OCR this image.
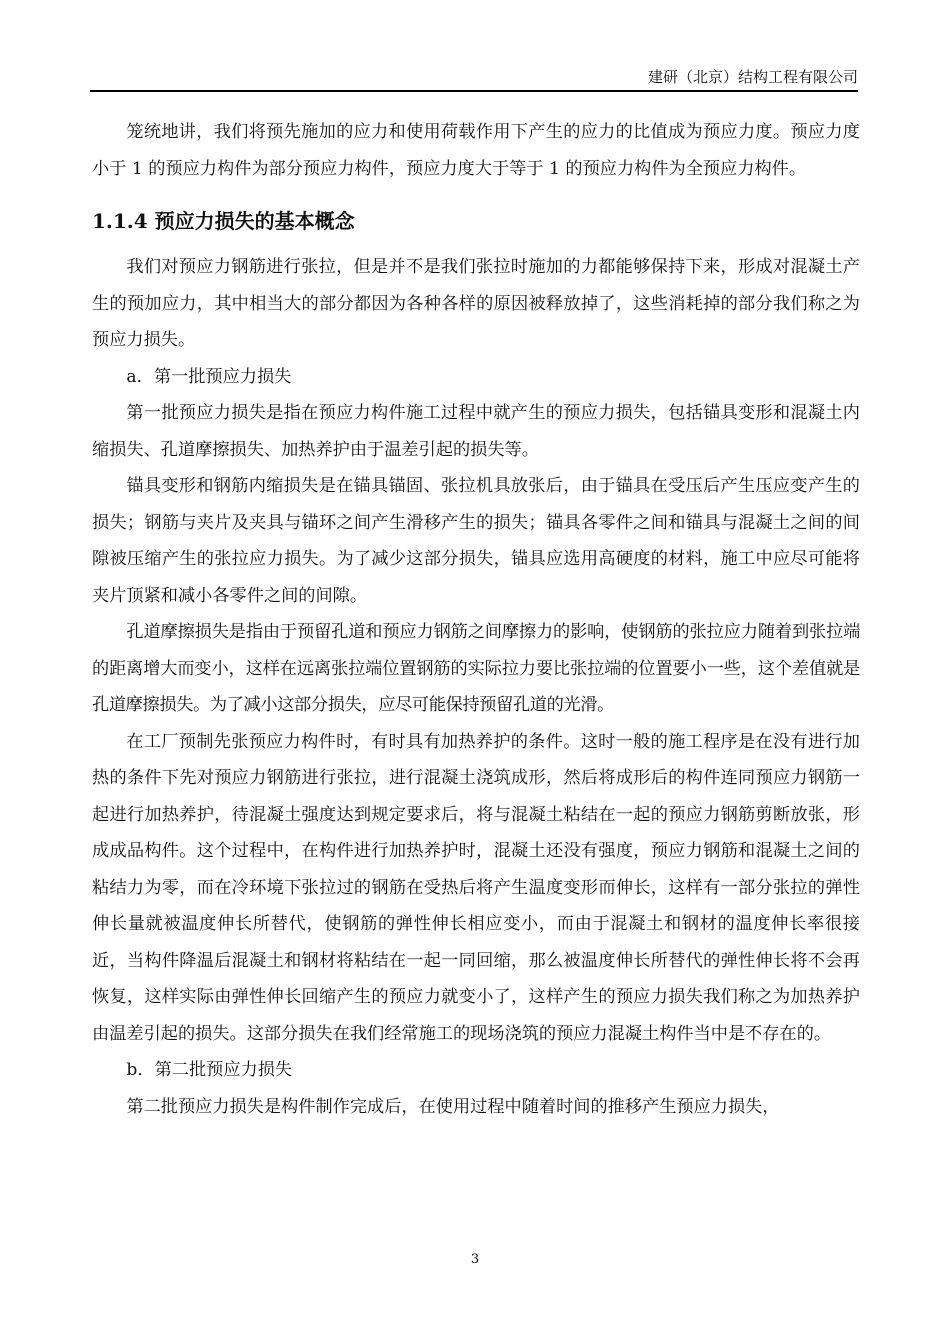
建研（北京）结构工程有限公司

笼统地讲，我们将预先施加的应力和使用荷载作用下产生的应力的比值成为预应力度。预应力度小于 1 的预应力构件为部分预应力构件，预应力度大于等于 1 的预应力构件为全预应力构件。

1.1.4 预应力损失的基本概念

我们对预应力钢筋进行张拉，但是并不是我们张拉时施加的力都能够保持下来，形成对混凝土产生的预加应力，其中相当大的部分都因为各种各样的原因被释放掉了，这些消耗掉的部分我们称之为预应力损失。

a．第一批预应力损失

第一批预应力损失是指在预应力构件施工过程中就产生的预应力损失，包括锚具变形和混凝土内缩损失、孔道摩擦损失、加热养护由于温差引起的损失等。

锚具变形和钢筋内缩损失是在锚具锚固、张拉机具放张后，由于锚具在受压后产生压应变产生的损失；钢筋与夹片及夹具与锚环之间产生滑移产生的损失；锚具各零件之间和锚具与混凝土之间的间隙被压缩产生的张拉应力损失。为了减少这部分损失，锚具应选用高硬度的材料，施工中应尽可能将夹片顶紧和减小各零件之间的间隙。

孔道摩擦损失是指由于预留孔道和预应力钢筋之间摩擦力的影响，使钢筋的张拉应力随着到张拉端的距离增大而变小，这样在远离张拉端位置钢筋的实际拉力要比张拉端的位置要小一些，这个差值就是孔道摩擦损失。为了减小这部分损失，应尽可能保持预留孔道的光滑。

在工厂预制先张预应力构件时，有时具有加热养护的条件。这时一般的施工程序是在没有进行加热的条件下先对预应力钢筋进行张拉，进行混凝土浇筑成形，然后将成形后的构件连同预应力钢筋一起进行加热养护，待混凝土强度达到规定要求后，将与混凝土粘结在一起的预应力钢筋剪断放张，形成成品构件。这个过程中，在构件进行加热养护时，混凝土还没有强度，预应力钢筋和混凝土之间的粘结力为零，而在冷环境下张拉过的钢筋在受热后将产生温度变形而伸长，这样有一部分张拉的弹性伸长量就被温度伸长所替代，使钢筋的弹性伸长相应变小，而由于混凝土和钢材的温度伸长率很接近，当构件降温后混凝土和钢材将粘结在一起一同回缩，那么被温度伸长所替代的弹性伸长将不会再恢复，这样实际由弹性伸长回缩产生的预应力就变小了，这样产生的预应力损失我们称之为加热养护由温差引起的损失。这部分损失在我们经常施工的现场浇筑的预应力混凝土构件当中是不存在的。

b．第二批预应力损失

第二批预应力损失是构件制作完成后，在使用过程中随着时间的推移产生预应力损失，

3
